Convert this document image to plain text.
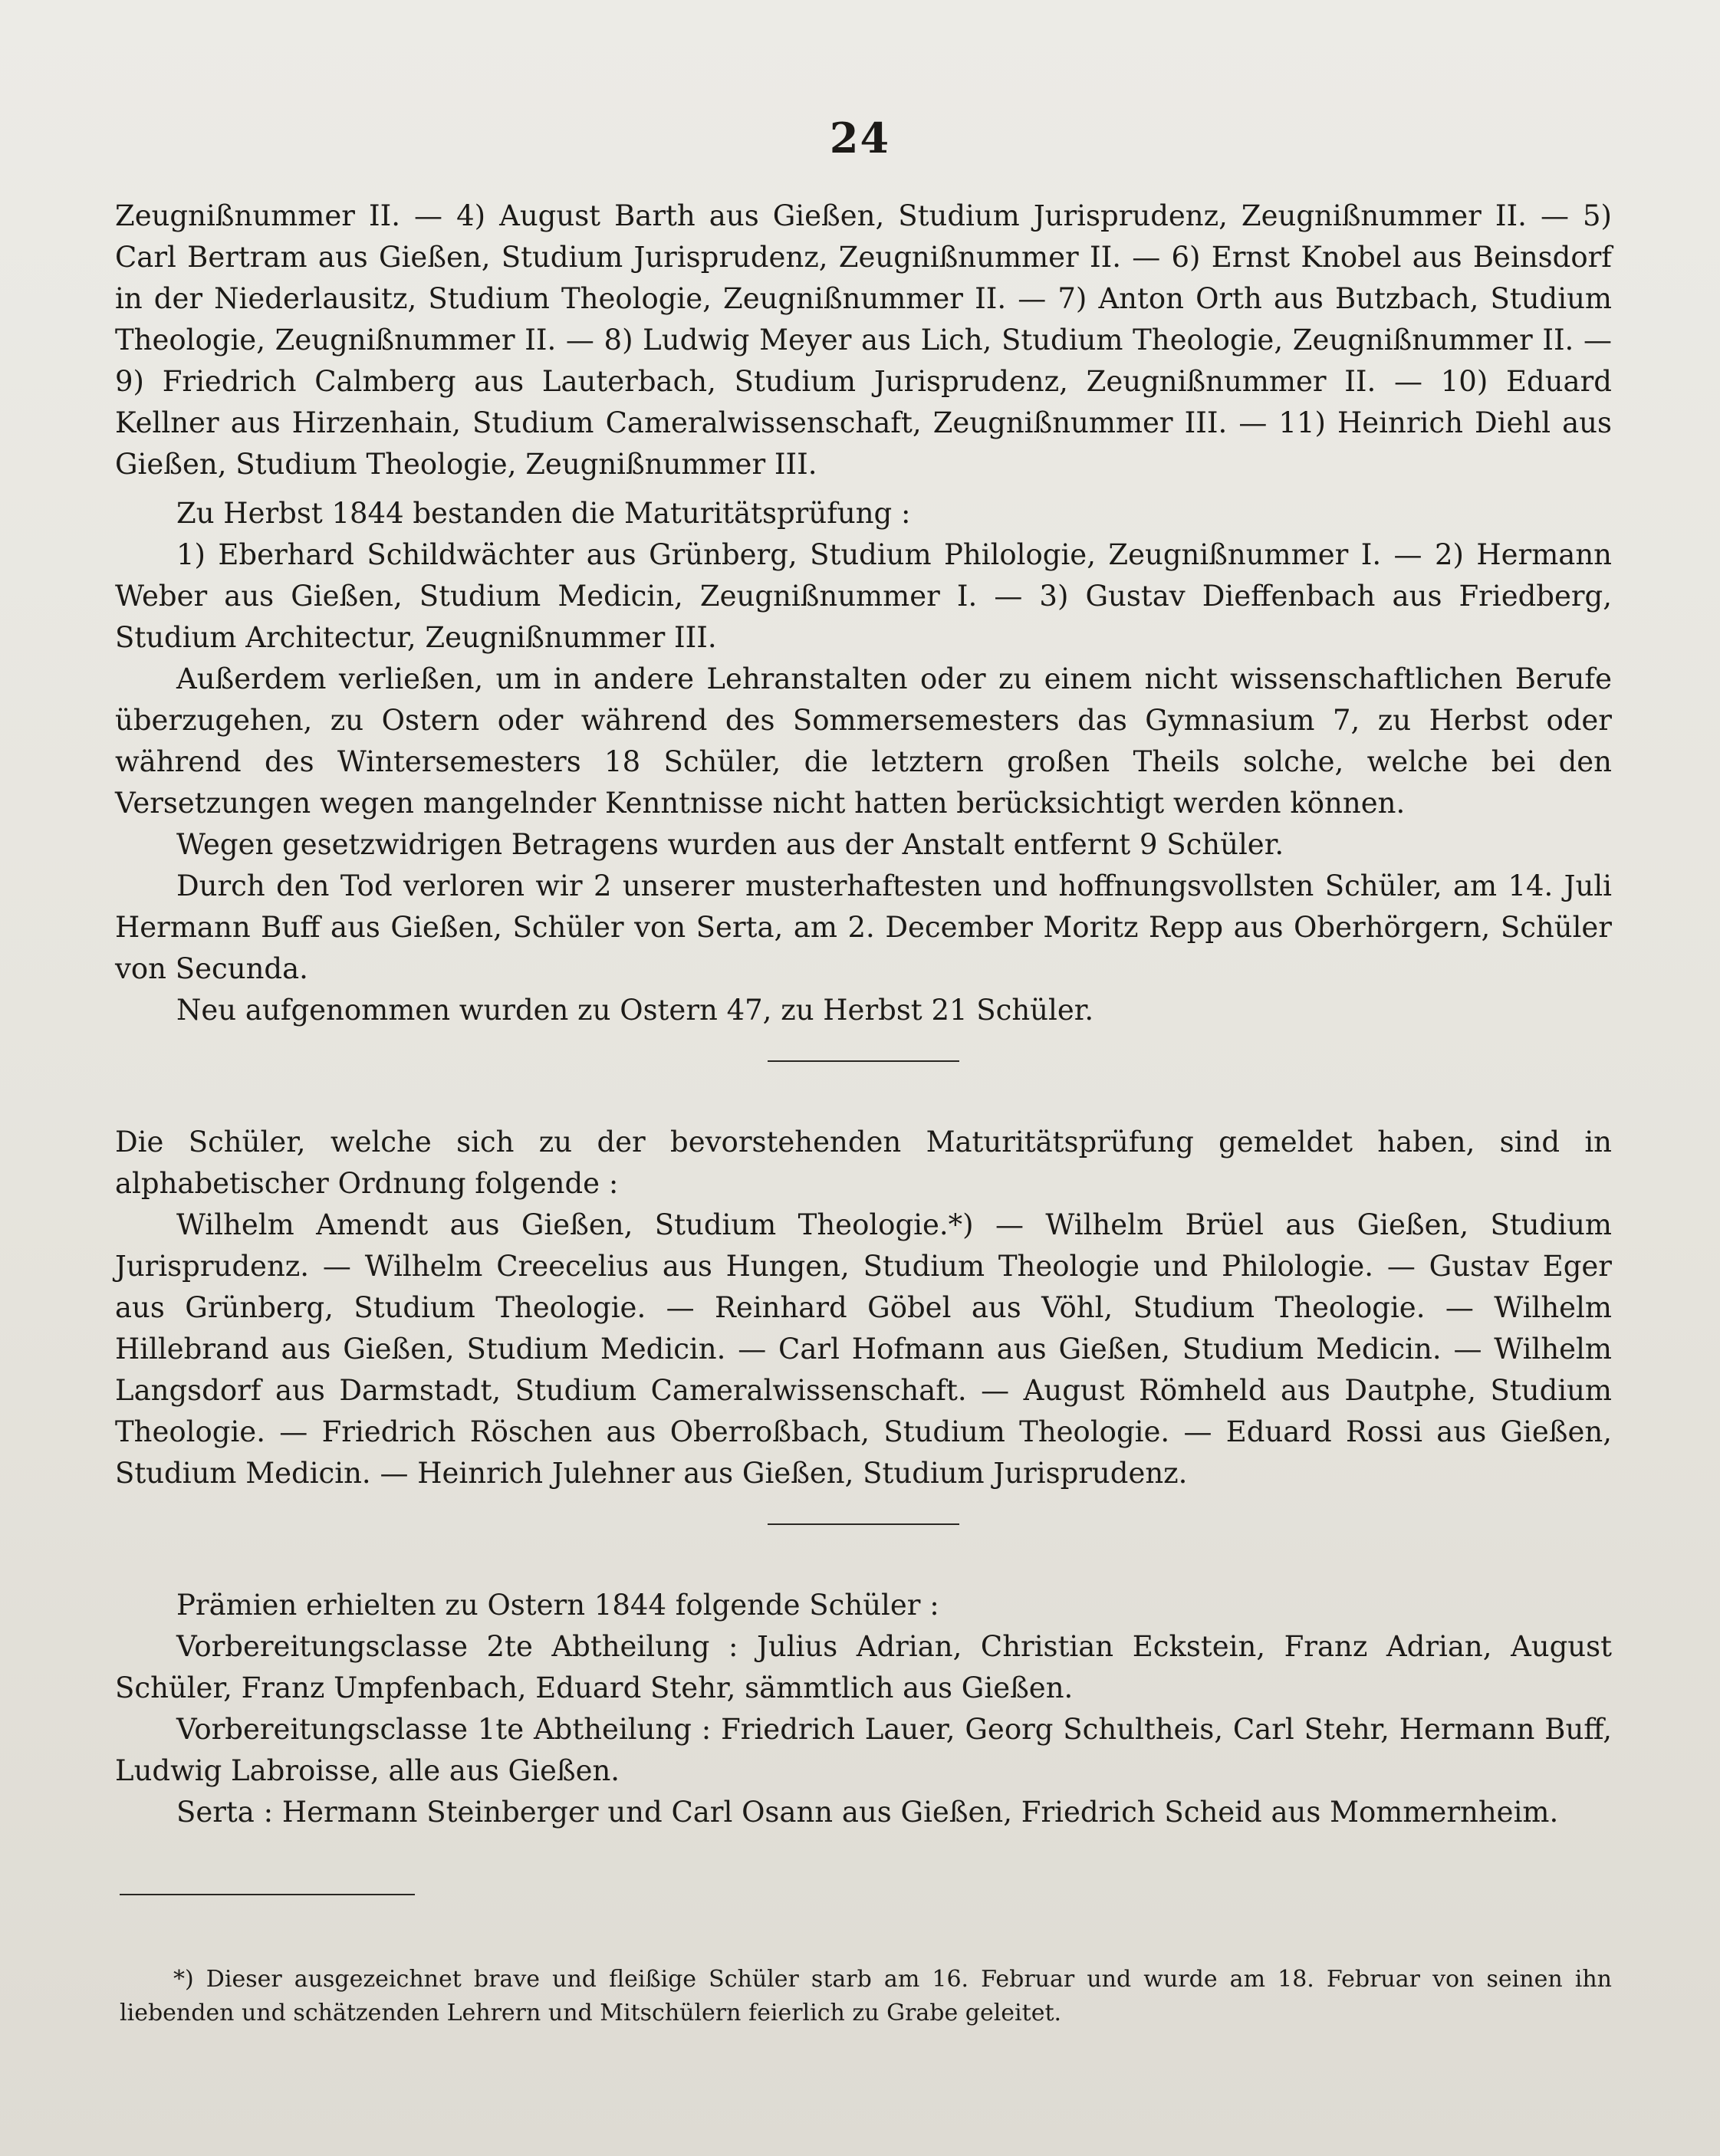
24

Zeugnißnummer II. — 4) August Barth aus Gießen, Studium Jurisprudenz, Zeugnißnummer II. — 5) Carl Bertram aus Gießen, Studium Jurisprudenz, Zeugnißnummer II. — 6) Ernst Knobel aus Beinsdorf in der Niederlausitz, Studium Theologie, Zeugnißnummer II. — 7) Anton Orth aus Butzbach, Studium Theologie, Zeugnißnummer II. — 8) Ludwig Meyer aus Lich, Studium Theologie, Zeugnißnummer II. — 9) Friedrich Calmberg aus Lauterbach, Studium Jurisprudenz, Zeugnißnummer II. — 10) Eduard Kellner aus Hirzenhain, Studium Cameralwissenschaft, Zeugnißnummer III. — 11) Heinrich Diehl aus Gießen, Studium Theologie, Zeugnißnummer III.

Zu Herbst 1844 bestanden die Maturitätsprüfung :

1) Eberhard Schildwächter aus Grünberg, Studium Philologie, Zeugnißnummer I. — 2) Hermann Weber aus Gießen, Studium Medicin, Zeugnißnummer I. — 3) Gustav Dieffenbach aus Friedberg, Studium Architectur, Zeugnißnummer III.

Außerdem verließen, um in andere Lehranstalten oder zu einem nicht wissenschaftlichen Berufe überzugehen, zu Ostern oder während des Sommersemesters das Gymnasium 7, zu Herbst oder während des Wintersemesters 18 Schüler, die letztern großen Theils solche, welche bei den Versetzungen wegen mangelnder Kenntnisse nicht hatten berücksichtigt werden können.

Wegen gesetzwidrigen Betragens wurden aus der Anstalt entfernt 9 Schüler.

Durch den Tod verloren wir 2 unserer musterhaftesten und hoffnungsvollsten Schüler, am 14. Juli Hermann Buff aus Gießen, Schüler von Serta, am 2. December Moritz Repp aus Oberhörgern, Schüler von Secunda.

Neu aufgenommen wurden zu Ostern 47, zu Herbst 21 Schüler.

Die Schüler, welche sich zu der bevorstehenden Maturitätsprüfung gemeldet haben, sind in alphabetischer Ordnung folgende :

Wilhelm Amendt aus Gießen, Studium Theologie.*) — Wilhelm Brüel aus Gießen, Studium Jurisprudenz. — Wilhelm Creecelius aus Hungen, Studium Theologie und Philologie. — Gustav Eger aus Grünberg, Studium Theologie. — Reinhard Göbel aus Vöhl, Studium Theologie. — Wilhelm Hillebrand aus Gießen, Studium Medicin. — Carl Hofmann aus Gießen, Studium Medicin. — Wilhelm Langsdorf aus Darmstadt, Studium Cameralwissenschaft. — August Römheld aus Dautphe, Studium Theologie. — Friedrich Röschen aus Oberroßbach, Studium Theologie. — Eduard Rossi aus Gießen, Studium Medicin. — Heinrich Julehner aus Gießen, Studium Jurisprudenz.

Prämien erhielten zu Ostern 1844 folgende Schüler :

Vorbereitungsclasse 2te Abtheilung : Julius Adrian, Christian Eckstein, Franz Adrian, August Schüler, Franz Umpfenbach, Eduard Stehr, sämmtlich aus Gießen.

Vorbereitungsclasse 1te Abtheilung : Friedrich Lauer, Georg Schultheis, Carl Stehr, Hermann Buff, Ludwig Labroisse, alle aus Gießen.

Serta : Hermann Steinberger und Carl Osann aus Gießen, Friedrich Scheid aus Mommernheim.

*) Dieser ausgezeichnet brave und fleißige Schüler starb am 16. Februar und wurde am 18. Februar von seinen ihn liebenden und schätzenden Lehrern und Mitschülern feierlich zu Grabe geleitet.
